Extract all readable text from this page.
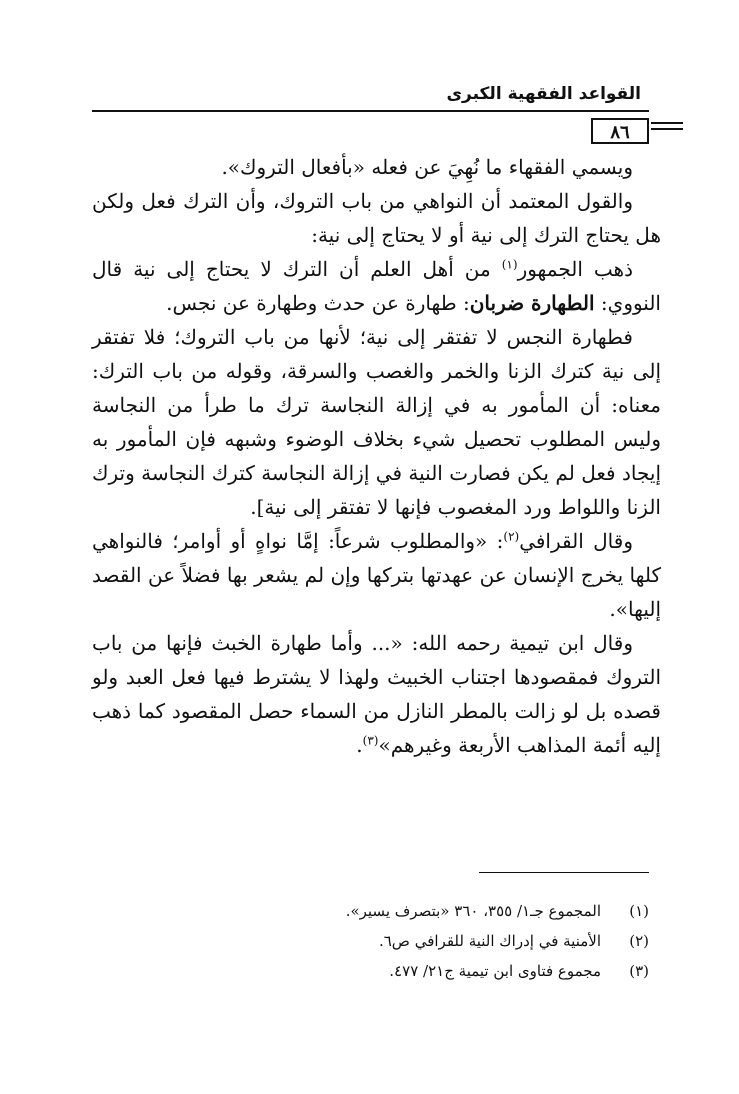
القواعد الفقهية الكبرى
٨٦

ويسمي الفقهاء ما نُهِيَ عن فعله «بأفعال التروك».

والقول المعتمد أن النواهي من باب التروك، وأن الترك فعل ولكن هل يحتاج الترك إلى نية أو لا يحتاج إلى نية:

ذهب الجمهور$^{(١)}$ من أهل العلم أن الترك لا يحتاج إلى نية قال النووي: الطهارة ضربان: طهارة عن حدث وطهارة عن نجس.

فطهارة النجس لا تفتقر إلى نية؛ لأنها من باب التروك؛ فلا تفتقر إلى نية كترك الزنا والخمر والغصب والسرقة، وقوله من باب الترك: معناه: أن المأمور به في إزالة النجاسة ترك ما طرأ من النجاسة وليس المطلوب تحصيل شيء بخلاف الوضوء وشبهه فإن المأمور به إيجاد فعل لم يكن فصارت النية في إزالة النجاسة كترك النجاسة وترك الزنا واللواط ورد المغصوب فإنها لا تفتقر إلى نية].

وقال القرافي$^{(٢)}$: «والمطلوب شرعاً: إمَّا نواهٍ أو أوامر؛ فالنواهي كلها يخرج الإنسان عن عهدتها بتركها وإن لم يشعر بها فضلاً عن القصد إليها».

وقال ابن تيمية رحمه الله: «... وأما طهارة الخبث فإنها من باب التروك فمقصودها اجتناب الخبيث ولهذا لا يشترط فيها فعل العبد ولو قصده بل لو زالت بالمطر النازل من السماء حصل المقصود كما ذهب إليه أئمة المذاهب الأربعة وغيرهم»$^{(٣)}$.

(١)
المجموع جـ١/ ٣٥٥، ٣٦٠ «بتصرف يسير».
(٢)
الأمنية في إدراك النية للقرافي ص٦.
(٣)
مجموع فتاوى ابن تيمية ج٢١/ ٤٧٧.
